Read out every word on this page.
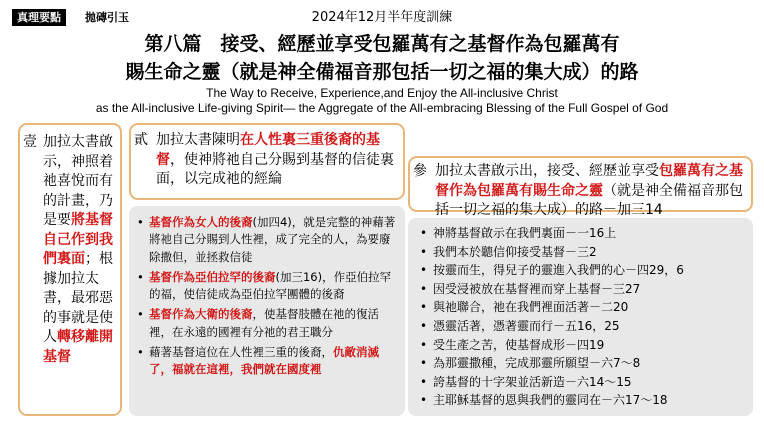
真理要點	拋磚引玉	2024年12月半年度訓練
第八篇　接受、經歷並享受包羅萬有之基督作為包羅萬有
賜生命之靈（就是神全備福音那包括一切之福的集大成）的路
The Way to Receive, Experience,and Enjoy the All-inclusive Christ
as the All-inclusive Life-giving Spirit— the Aggregate of the All-embracing Blessing of the Full Gospel of God
壹 加拉太書啟示，神照着祂喜悅而有的計畫，乃是要將基督自己作到我們裏面；根據加拉太書，最邪惡的事就是使人轉移離開基督
貳 加拉太書陳明在人性裏三重後裔的基督，使神將祂自己分賜到基督的信徒裏面，以完成祂的經綸	參 加拉太書啟示出，接受、經歷並享受包羅萬有之基督作為包羅萬有賜生命之靈（就是神全備福音那包括一切之福的集大成）的路－加三14
• 基督作為女人的後裔(加四4)，就是完整的神藉著將祂自己分賜到人性裡，成了完全的人，為要廢除撒但，並拯救信徒
• 基督作為亞伯拉罕的後裔(加三16)，作亞伯拉罕的福，使信徒成為亞伯拉罕團體的後裔
• 基督作為大衛的後裔，使基督肢體在祂的復活裡，在永遠的國裡有分祂的君王職分
• 藉著基督這位在人性裡三重的後裔，仇敵消滅了，福就在這裡，我們就在國度裡
• 神將基督啟示在我們裏面－一16上
• 我們本於聽信仰接受基督－三2
• 按靈而生，得兒子的靈進入我們的心－四29，6
• 因受浸被放在基督裡而穿上基督－三27
• 與祂聯合，祂在我們裡面活著－二20
• 憑靈活著，憑著靈而行－五16，25
• 受生產之苦，使基督成形－四19
• 為那靈撒種，完成那靈所願望－六7～8
• 誇基督的十字架並活新造－六14～15
• 主耶穌基督的恩與我們的靈同在－六17～18
